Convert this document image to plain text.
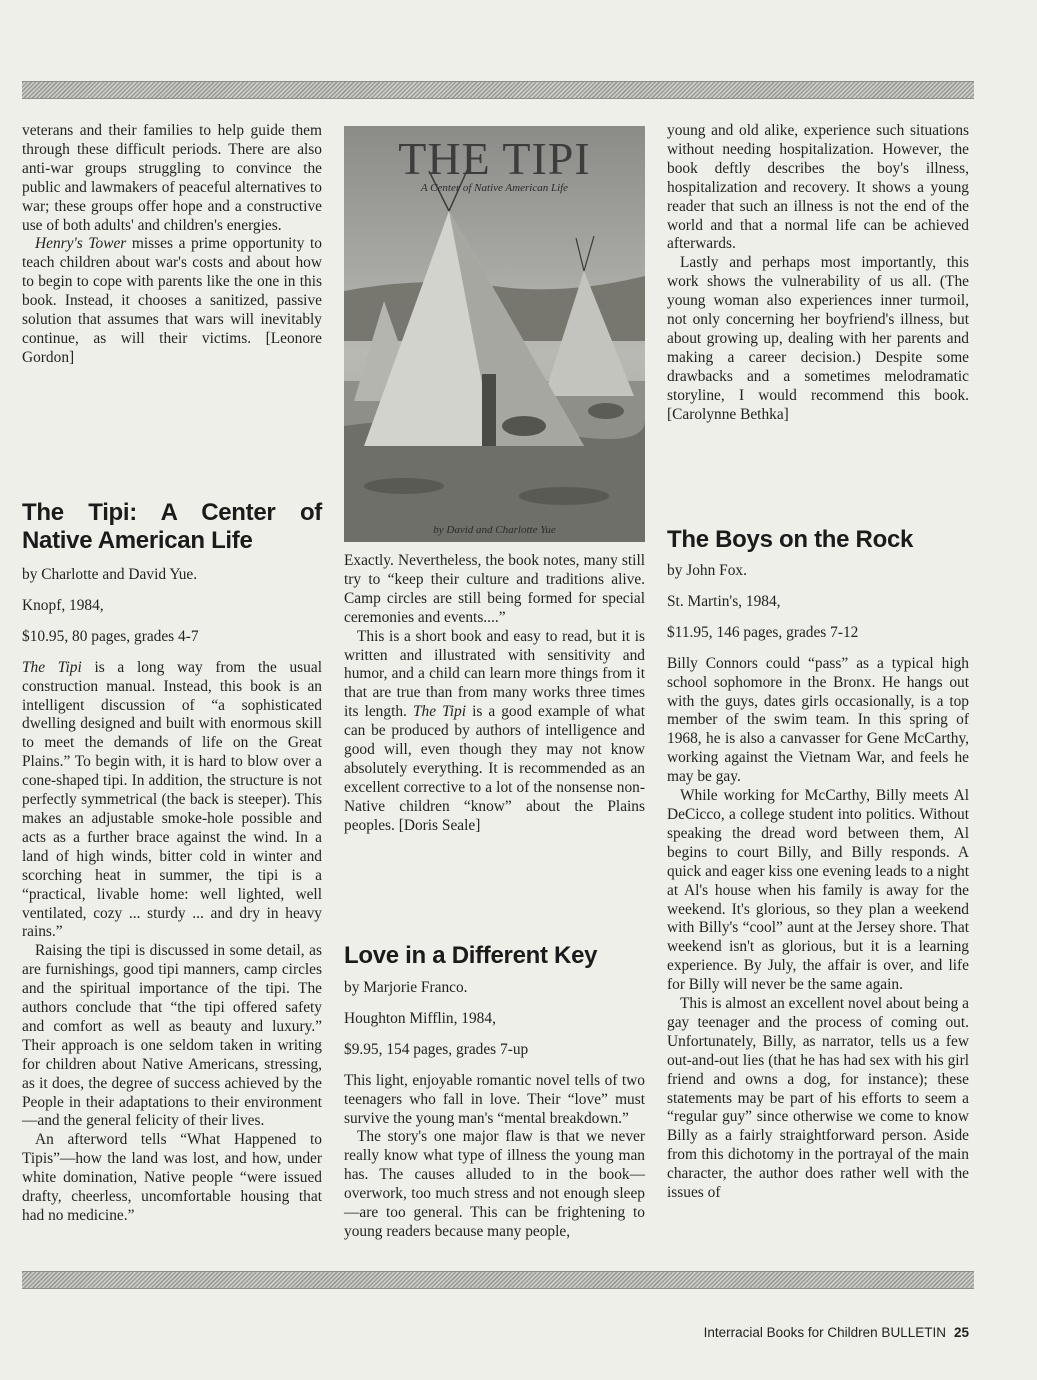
veterans and their families to help guide them through these difficult periods. There are also anti-war groups struggling to convince the public and lawmakers of peaceful alternatives to war; these groups offer hope and a constructive use of both adults' and children's energies.

Henry's Tower misses a prime opportunity to teach children about war's costs and about how to begin to cope with parents like the one in this book. Instead, it chooses a sanitized, passive solution that assumes that wars will inevitably continue, as will their victims. [Leonore Gordon]

The Tipi: A Center of Native American Life

by Charlotte and David Yue.

Knopf, 1984,

$10.95, 80 pages, grades 4-7

The Tipi is a long way from the usual construction manual. Instead, this book is an intelligent discussion of “a sophisticated dwelling designed and built with enormous skill to meet the demands of life on the Great Plains.” To begin with, it is hard to blow over a cone-shaped tipi. In addition, the structure is not perfectly symmetrical (the back is steeper). This makes an adjustable smoke-hole possible and acts as a further brace against the wind. In a land of high winds, bitter cold in winter and scorching heat in summer, the tipi is a “practical, livable home: well lighted, well ventilated, cozy ... sturdy ... and dry in heavy rains.”

Raising the tipi is discussed in some detail, as are furnishings, good tipi manners, camp circles and the spiritual importance of the tipi. The authors conclude that “the tipi offered safety and comfort as well as beauty and luxury.” Their approach is one seldom taken in writing for children about Native Americans, stressing, as it does, the degree of success achieved by the People in their adaptations to their environment—and the general felicity of their lives.

An afterword tells “What Happened to Tipis”—how the land was lost, and how, under white domination, Native people “were issued drafty, cheerless, uncomfortable housing that had no medicine.”

THE TIPI
A Center of Native American Life
by David and Charlotte Yue

Exactly. Nevertheless, the book notes, many still try to “keep their culture and traditions alive. Camp circles are still being formed for special ceremonies and events....”

This is a short book and easy to read, but it is written and illustrated with sensitivity and humor, and a child can learn more things from it that are true than from many works three times its length. The Tipi is a good example of what can be produced by authors of intelligence and good will, even though they may not know absolutely everything. It is recommended as an excellent corrective to a lot of the nonsense non-Native children “know” about the Plains peoples. [Doris Seale]

Love in a Different Key

by Marjorie Franco.

Houghton Mifflin, 1984,

$9.95, 154 pages, grades 7-up

This light, enjoyable romantic novel tells of two teenagers who fall in love. Their “love” must survive the young man's “mental breakdown.”

The story's one major flaw is that we never really know what type of illness the young man has. The causes alluded to in the book—overwork, too much stress and not enough sleep—are too general. This can be frightening to young readers because many people,

young and old alike, experience such situations without needing hospitalization. However, the book deftly describes the boy's illness, hospitalization and recovery. It shows a young reader that such an illness is not the end of the world and that a normal life can be achieved afterwards.

Lastly and perhaps most importantly, this work shows the vulnerability of us all. (The young woman also experiences inner turmoil, not only concerning her boyfriend's illness, but about growing up, dealing with her parents and making a career decision.) Despite some drawbacks and a sometimes melodramatic storyline, I would recommend this book. [Carolynne Bethka]

The Boys on the Rock

by John Fox.

St. Martin's, 1984,

$11.95, 146 pages, grades 7-12

Billy Connors could “pass” as a typical high school sophomore in the Bronx. He hangs out with the guys, dates girls occasionally, is a top member of the swim team. In this spring of 1968, he is also a canvasser for Gene McCarthy, working against the Vietnam War, and feels he may be gay.

While working for McCarthy, Billy meets Al DeCicco, a college student into politics. Without speaking the dread word between them, Al begins to court Billy, and Billy responds. A quick and eager kiss one evening leads to a night at Al's house when his family is away for the weekend. It's glorious, so they plan a weekend with Billy's “cool” aunt at the Jersey shore. That weekend isn't as glorious, but it is a learning experience. By July, the affair is over, and life for Billy will never be the same again.

This is almost an excellent novel about being a gay teenager and the process of coming out. Unfortunately, Billy, as narrator, tells us a few out-and-out lies (that he has had sex with his girl friend and owns a dog, for instance); these statements may be part of his efforts to seem a “regular guy” since otherwise we come to know Billy as a fairly straightforward person. Aside from this dichotomy in the portrayal of the main character, the author does rather well with the issues of

Interracial Books for Children BULLETIN 25
